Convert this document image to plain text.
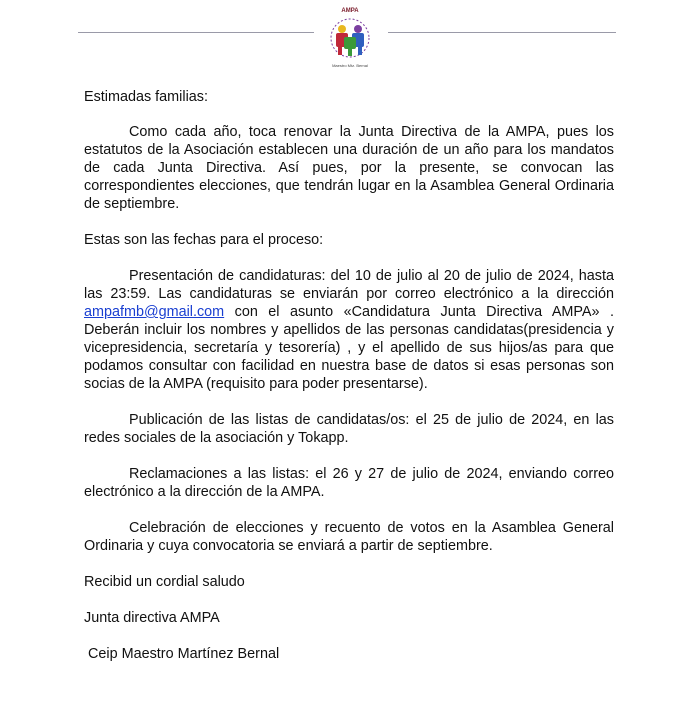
AMPA
Maestro Mtz. Bernal

Estimadas familias:

Como cada año, toca renovar la Junta Directiva de la AMPA, pues los estatutos de la Asociación establecen una duración de un año para los mandatos de cada Junta Directiva. Así pues, por la presente, se convocan las correspondientes elecciones, que tendrán lugar en la Asamblea General Ordinaria de septiembre.

Estas son las fechas para el proceso:

Presentación de candidaturas: del 10 de julio al 20 de julio de 2024, hasta las 23:59. Las candidaturas se enviarán por correo electrónico a la dirección ampafmb@gmail.com con el asunto «Candidatura Junta Directiva AMPA» . Deberán incluir los nombres y apellidos de las personas candidatas(presidencia y vicepresidencia, secretaría y tesorería) , y el apellido de sus hijos/as para que podamos consultar con facilidad en nuestra base de datos si esas personas son socias de la AMPA (requisito para poder presentarse).

Publicación de las listas de candidatas/os: el 25 de julio de 2024, en las redes sociales de la asociación y Tokapp.

Reclamaciones a las listas: el 26 y 27 de julio de 2024, enviando correo electrónico a la dirección de la AMPA.

Celebración de elecciones y recuento de votos en la Asamblea General Ordinaria y cuya convocatoria se enviará a partir de septiembre.

Recibid un cordial saludo

Junta directiva AMPA

Ceip Maestro Martínez Bernal
